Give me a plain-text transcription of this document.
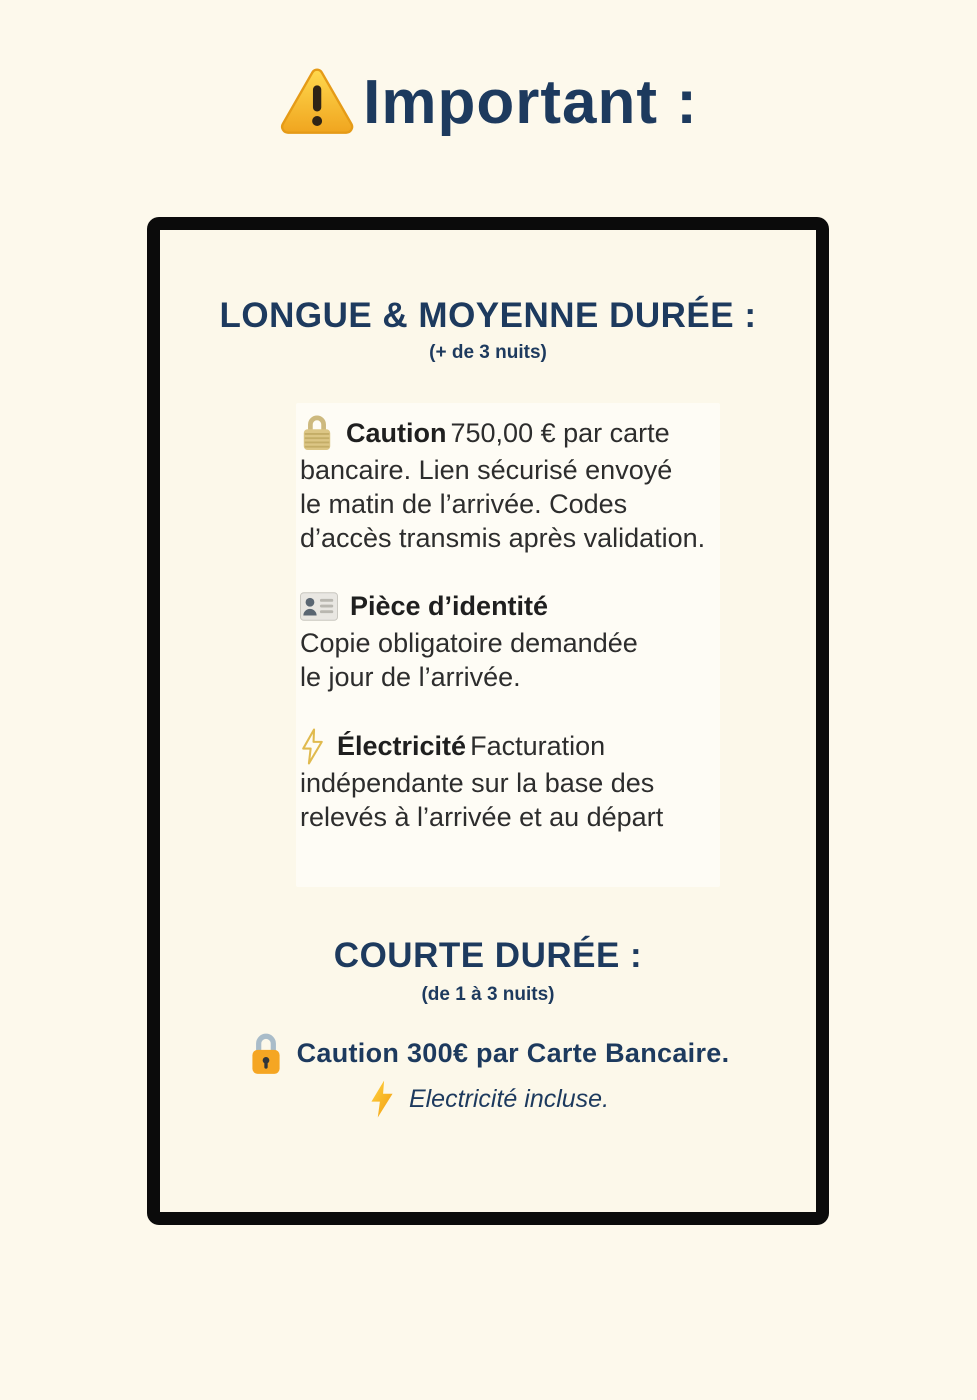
Important :
LONGUE & MOYENNE DURÉE :
(+ de 3 nuits)
Caution 750,00 € par carte
bancaire. Lien sécurisé envoyé
le matin de l’arrivée. Codes
d’accès transmis après validation.
Pièce d’identité
Copie obligatoire demandée
le jour de l’arrivée.
Électricité Facturation
indépendante sur la base des
relevés à l’arrivée et au départ
COURTE DURÉE :
(de 1 à 3 nuits)
Caution 300€ par Carte Bancaire.
Electricité incluse.
